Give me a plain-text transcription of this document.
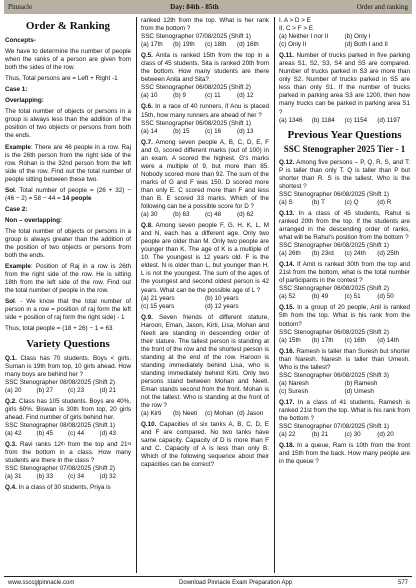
Pinnacle	Day: 84th - 85th	Order and ranking
Order & Ranking

Concepts-

We have to determine the number of people when the ranks of a person are given from both the sides of the row.

Thus, Total persons are = Left + Right -1

Case 1:

Overlapping:

The total number of objects or persons in a group is always less than the addition of the position of two objects or persons from both the ends.

Example: There are 46 people in a row. Raj is the 26th person from the right side of the row. Rohan is the 32nd person from the left side of the row. Find out the total number of people sitting between these two.

Sol. Total number of people = (26 + 32) − (46 − 2) = 58 − 44 = 14 people

Case 2:

Non – overlapping:

The total number of objects or persons in a group is always greater than the addition of the position of two objects or persons from both the ends.

Example: Position of Raj in a row is 26th from the right side of the row. He is sitting 18th from the left side of the row. Find out the total number of people in the row.

Sol. - We know that the total number of person in a row = position of raj form the left side + position of raj form the right side) - 1

Thus, total people = (18 + 26) − 1 = 63

Variety Questions

Q.1. Class has 70 students. Boys < girls. Suman is 19th from top, 10 girls ahead. How many boys are behind her ?

SSC Stenographer 08/08/2025 (Shift 2)
(a) 20	(b) 27	(c) 23	(d) 21

Q.2. Class has 105 students. Boys are 40%, girls 60%. Biswan is 30th from top, 20 girls ahead. Find number of girls behind her.

SSC Stenographer 08/08/2025 (Shift 1)
(a) 42	(b) 45	(c) 44	(d) 43

Q.3. Ravi ranks 12th from the top and 21st from the bottom in a class. How many students are there in the class ?

SSC Stenographer 07/08/2025 (Shift 2)
(a) 31	(b) 33	(c) 34	(d) 32

Q.4. In a class of 30 students, Priya is

ranked 12th from the top. What is her rank from the bottom ?

SSC Stenographer 07/08/2025 (Shift 1)
(a) 17th	(b) 19th	(c) 18th	(d) 16th

Q.5. Anita is ranked 15th from the top in a class of 45 students. Sita is ranked 20th from the bottom. How many students are there between Anita and Sita?

SSC Stenographer 06/08/2025 (Shift 2)
(a) 10	(b) 9	(c) 11	(d) 12

Q.6. In a race of 40 runners, if Anu is placed 15th, how many runners are ahead of her ?

SSC Stenographer 06/08/2025 (Shift 1)
(a) 14	(b) 15	(c) 16	(d) 13

Q.7. Among seven people A, B, C, D, E, F and G, scored different marks (out of 100) in an exam. A scored the highest. G's marks were a multiple of 9, but more than 85. Nobody scored more than 92. The sum of the marks of G and F was 150. D scored more than only E. C scored more than F and less than B. E scored 33 marks. Which of the following can be a possible score for D ?

(a) 30	(b) 63	(c) 48	(d) 62

Q.8. Among seven people F, G, H, K, L, M and N, each has a different age. Only two people are older than M. Only two people are younger than K. The age of K is a multiple of 10. The youngest is 12 years old. F is the eldest. N is older than L, but younger than H. L is not the youngest. The sum of the ages of the youngest and second oldest person is 42 years. What can be the possible age of L ?

(a) 21 years	(b) 10 years
(c) 15 years	(d) 12 years

Q.9. Seven friends of different stature, Haroon, Eman, Jason, Kirti, Lisa, Mohan and Neeti are standing in descending order of their stature. The tallest person is standing at the front of the row and the shortest person is standing at the end of the row. Haroon is standing immediately behind Lisa, who is standing immediately behind Kirti. Only two persons stand between Mohan and Neeti. Eman stands second from the front. Mohan is not the tallest. Who is standing at the front of the row ?

(a) Kirti	(b) Neeti	(c) Mohan (d) Jason

Q.10. Capacities of six tanks A, B, C, D, E and F are compared. No two tanks have same capacity. Capacity of D is more than F and C. Capacity of A is less than only B. Which of the following sequence about their capacities can be correct?

I. A > D > E
II. C > F > E
(a) Neither I nor II	(b) Only I
(c) Only II	(d) Both I and II

Q.11. Number of trucks parked in five parking areas S1, S2, S3, S4 and S5 are compared. Number of trucks parked in S3 are more than only S2. Number of trucks parked in S5 are less than only S1. If the number of trucks parked in parking area S3 are 1200, then how many trucks can be parked in parking area S1 ?

(a) 1346	(b) 1184	(c) 1154	(d) 1197
Previous Year Questions
SSC Stenographer 2025 Tier - 1

Q.12. Among five persons – P, Q, R, S, and T: P is taller than only T. Q is taller than P but shorter than R. S is the tallest. Who is the shortest ?

SSC Stenographer 06/08/2025 (Shift 1)
(a) S	(b) T	(c) Q	(d) R

Q.13. In a class of 45 students, Rahul is ranked 20th from the top. If the students are arranged in the descending order of ranks, what will be Rahul's position from the bottom ?

SSC Stenographer 06/08/2025 (Shift 1)
(a) 26th	(b) 23rd	(c) 24th	(d) 25th

Q.14. If Amit is ranked 30th from the top and 21st from the bottom, what is the total number of participants in the contest ?

SSC Stenographer 06/08/2025 (Shift 2)
(a) 52	(b) 49	(c) 51	(d) 50

Q.15. In a group of 20 people, Anil is ranked 5th from the top. What is his rank from the bottom?

SSC Stenographer 06/08/2025 (Shift 2)
(a) 15th	(b) 17th	(c) 16th	(d) 14th

Q.16. Ramesh is taller than Suresh but shorter than Naresh. Naresh is taller than Umesh. Who is the tallest?

SSC Stenographer 06/08/2025 (Shift 3)
(a) Naresh	(b) Ramesh
(c) Suresh	(d) Umesh

Q.17. In a class of 41 students, Ramesh is ranked 21st from the top. What is his rank from the bottom ?

SSC Stenographer 07/08/2025 (Shift 1)
(a) 22	(b) 21	(c) 30	(d) 20

Q.18. In a queue, Ram is 10th from the front and 15th from the back. How many people are in the queue ?

www.ssccglpinnacle.com	Download Pinnacle Exam Preparation App	577
